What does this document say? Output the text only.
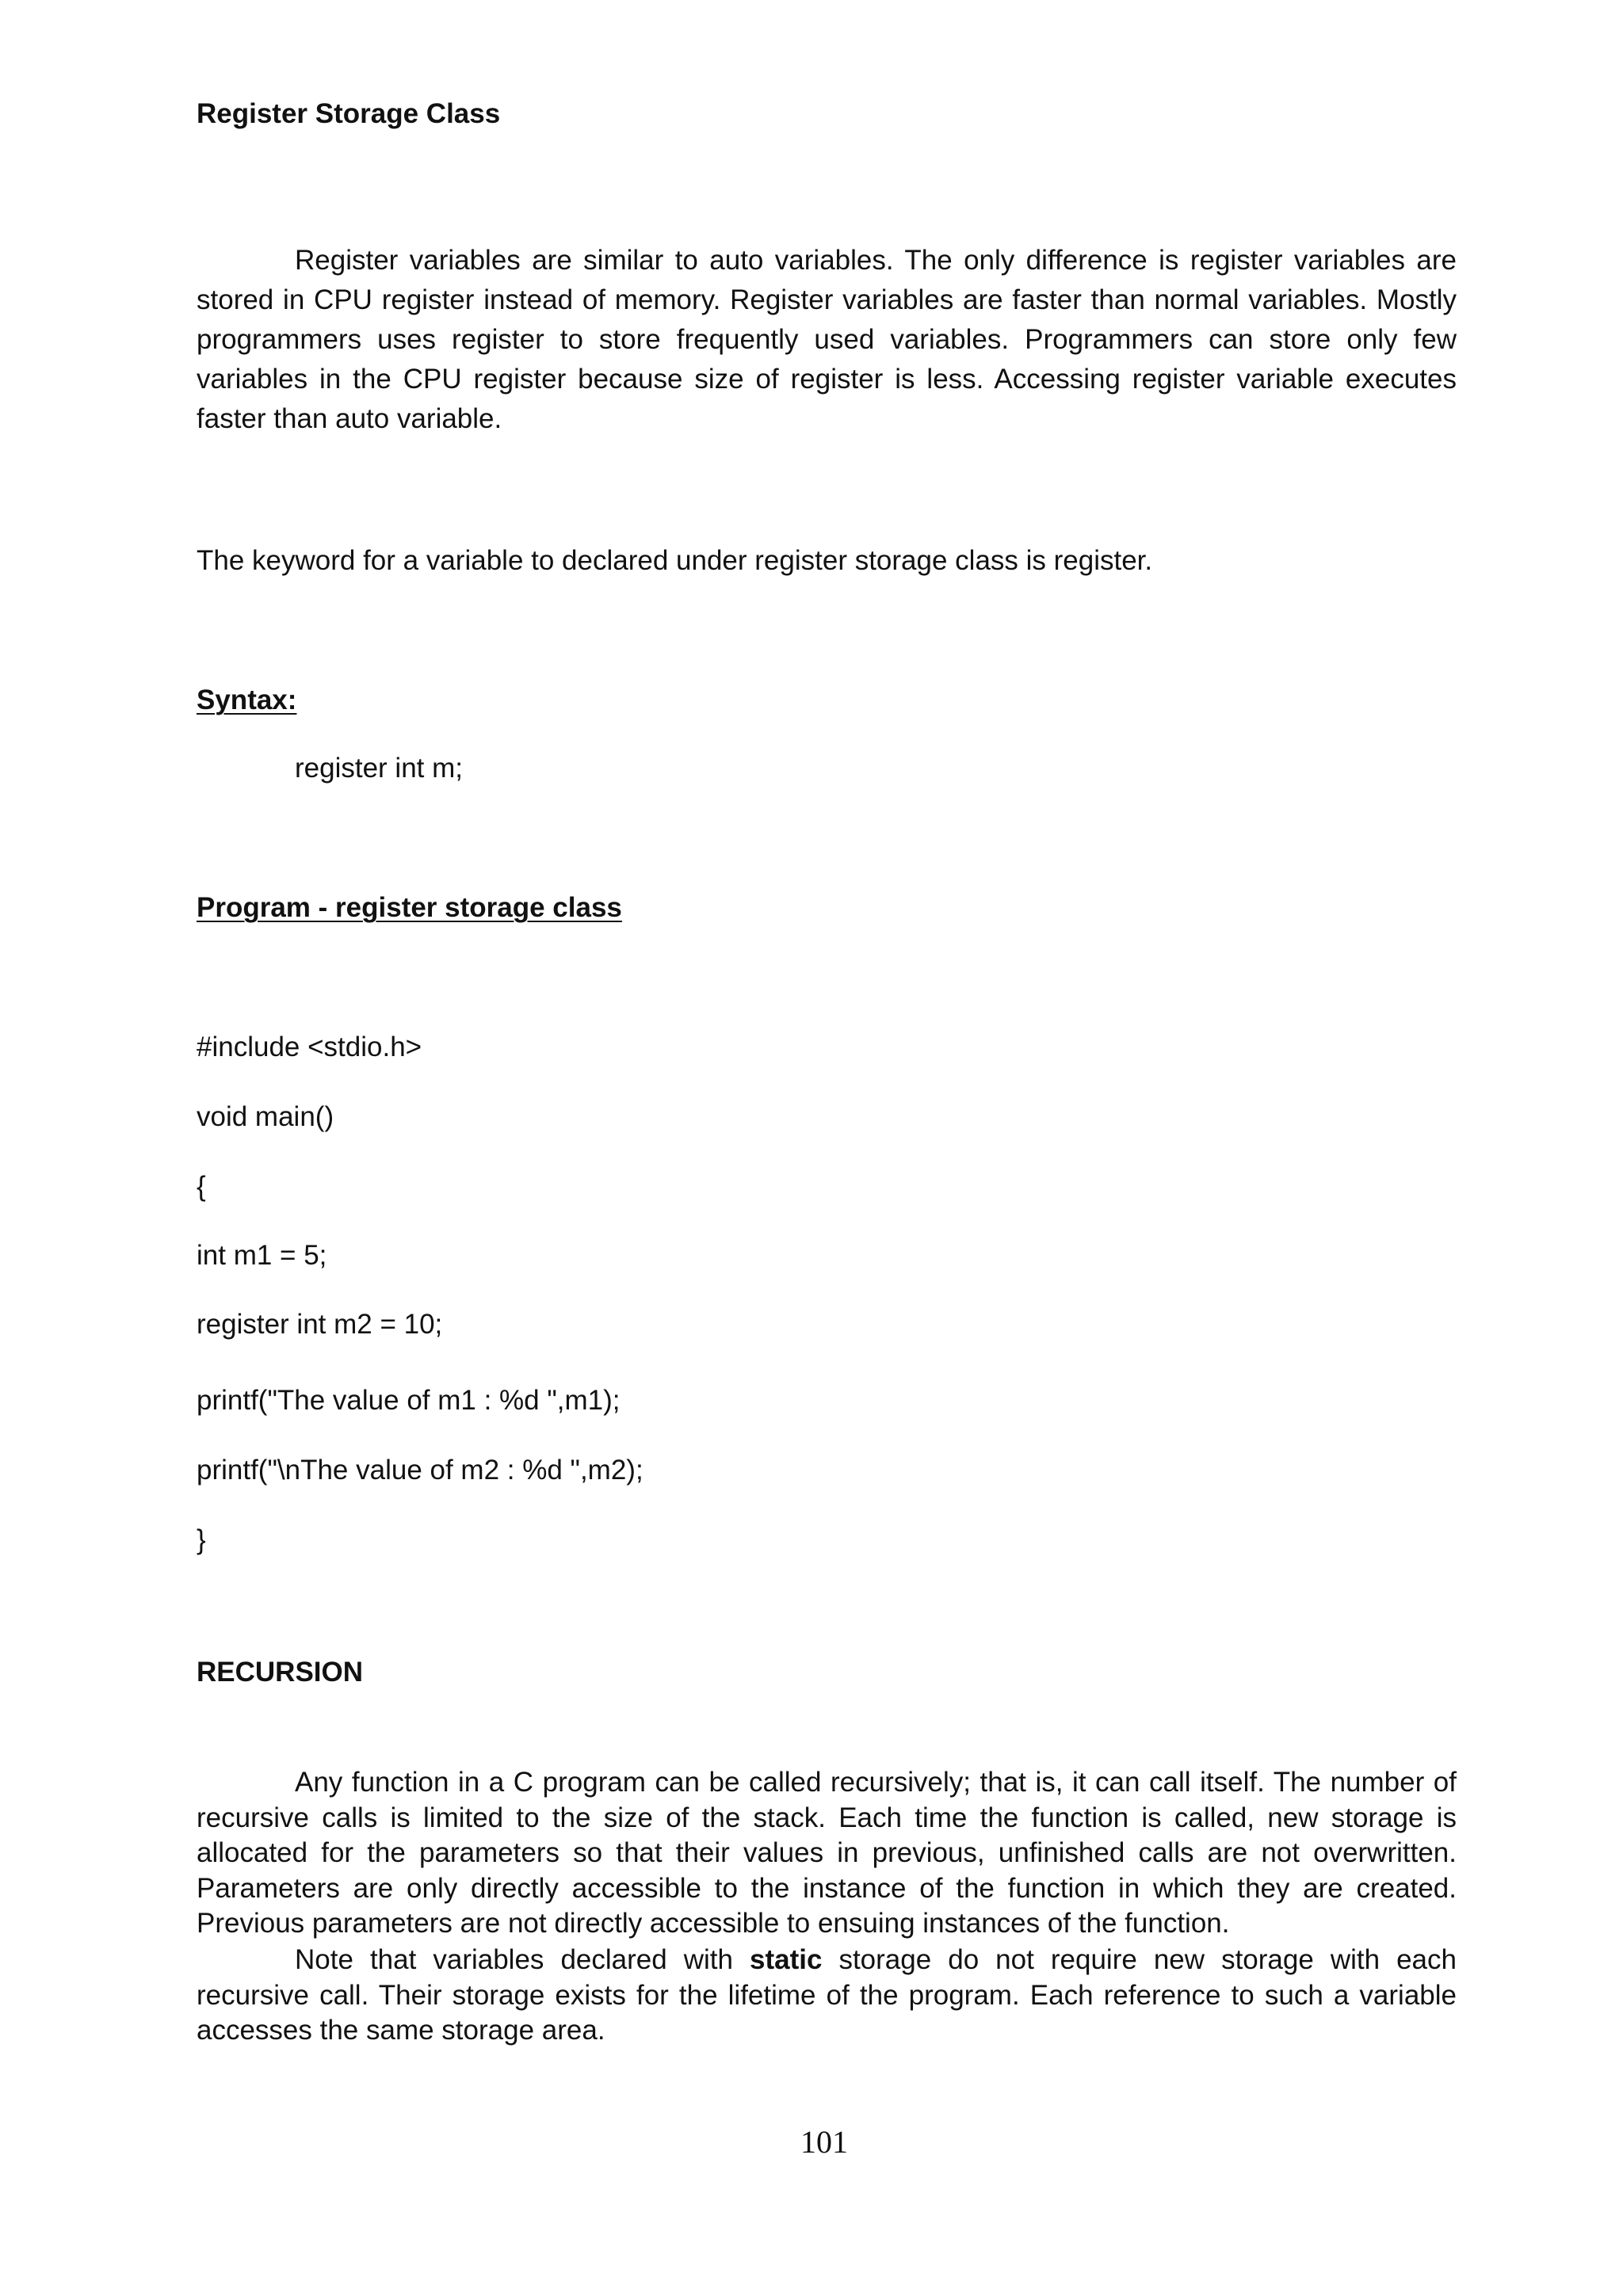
Register Storage Class

Register variables are similar to auto variables. The only difference is register variables are stored in CPU register instead of memory. Register variables are faster than normal variables. Mostly programmers uses register to store frequently used variables. Programmers can store only few variables in the CPU register because size of register is less. Accessing register variable executes faster than auto variable.

The keyword for a variable to declared under register storage class is register.

Syntax:

register int m;

Program - register storage class

#include <stdio.h>

void main()

{

int m1 = 5;

register int m2 = 10;

printf("The value of m1 : %d ",m1);

printf("\nThe value of m2 : %d ",m2);

}

RECURSION

Any function in a C program can be called recursively; that is, it can call itself. The number of recursive calls is limited to the size of the stack. Each time the function is called, new storage is allocated for the parameters so that their values in previous, unfinished calls are not overwritten. Parameters are only directly accessible to the instance of the function in which they are created. Previous parameters are not directly accessible to ensuing instances of the function.

Note that variables declared with static storage do not require new storage with each recursive call. Their storage exists for the lifetime of the program. Each reference to such a variable accesses the same storage area.

101
